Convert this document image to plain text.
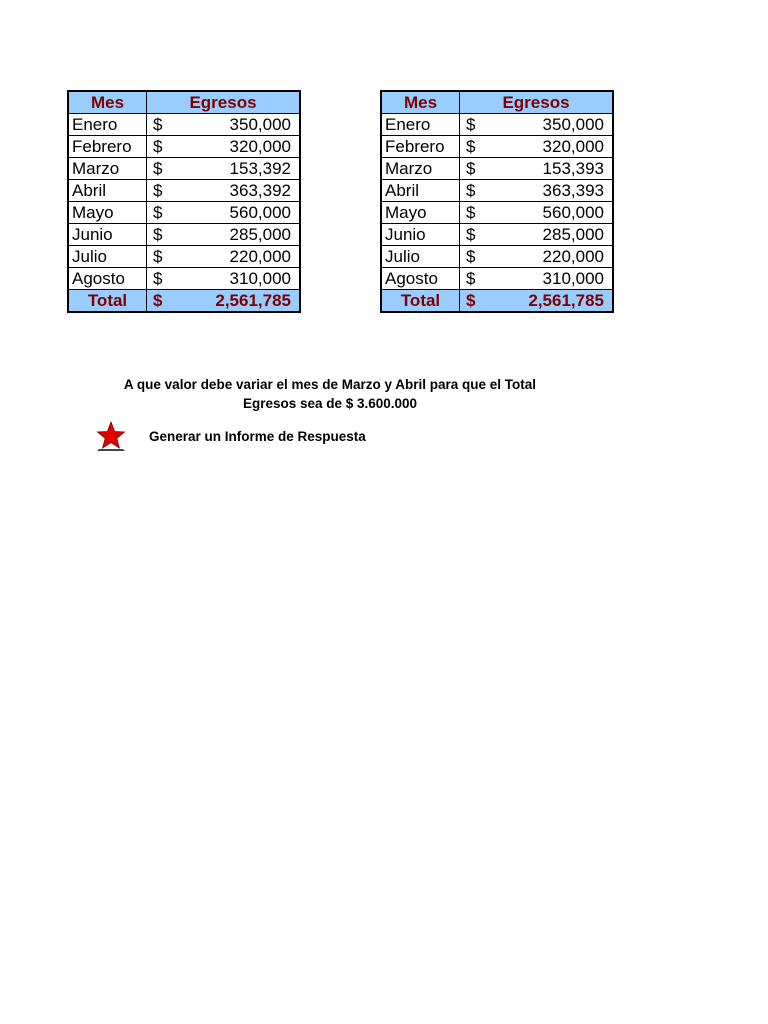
Mes	Egresos	
Enero	$	350,000
Febrero	$	320,000
Marzo	$	153,392
Abril	$	363,392
Mayo	$	560,000
Junio	$	285,000
Julio	$	220,000
Agosto	$	310,000
Total	$	2,561,785
Mes	Egresos	
Enero	$	350,000
Febrero	$	320,000
Marzo	$	153,393
Abril	$	363,393
Mayo	$	560,000
Junio	$	285,000
Julio	$	220,000
Agosto	$	310,000
Total	$	2,561,785
A que valor debe variar el mes de Marzo y Abril para que el Total
Egresos sea de $ 3.600.000
Generar un Informe de Respuesta
